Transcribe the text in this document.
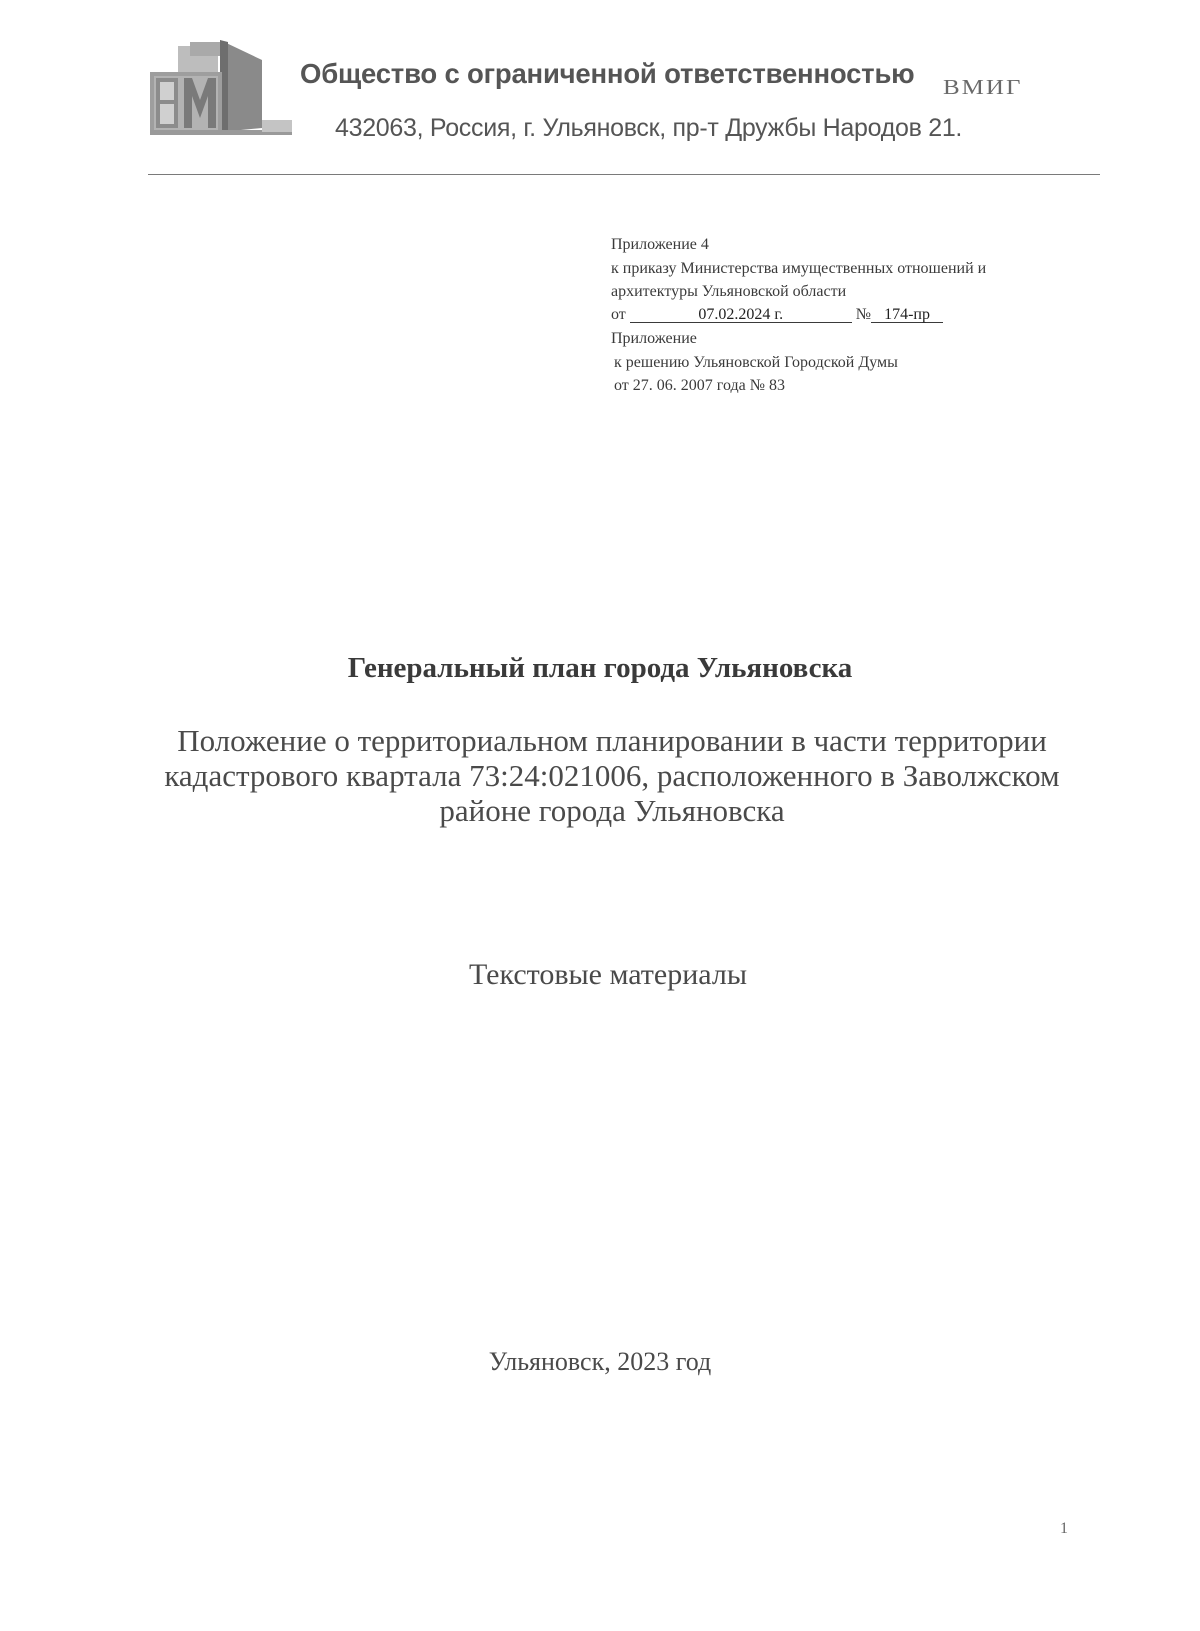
Общество с ограниченной ответственностью ВМИГ
432063, Россия, г. Ульяновск, пр-т Дружбы Народов 21.
Приложение 4
к приказу Министерства имущественных отношений и
архитектуры Ульяновской области
от	07.02.2024 г.	№ 174-пр
Приложение
к решению Ульяновской Городской Думы
от 27. 06. 2007 года № 83
Генеральный план города Ульяновска
Положение о территориальном планировании в части территории
кадастрового квартала 73:24:021006, расположенного в Заволжском
районе города Ульяновска
Текстовые материалы
Ульяновск, 2023 год
1
